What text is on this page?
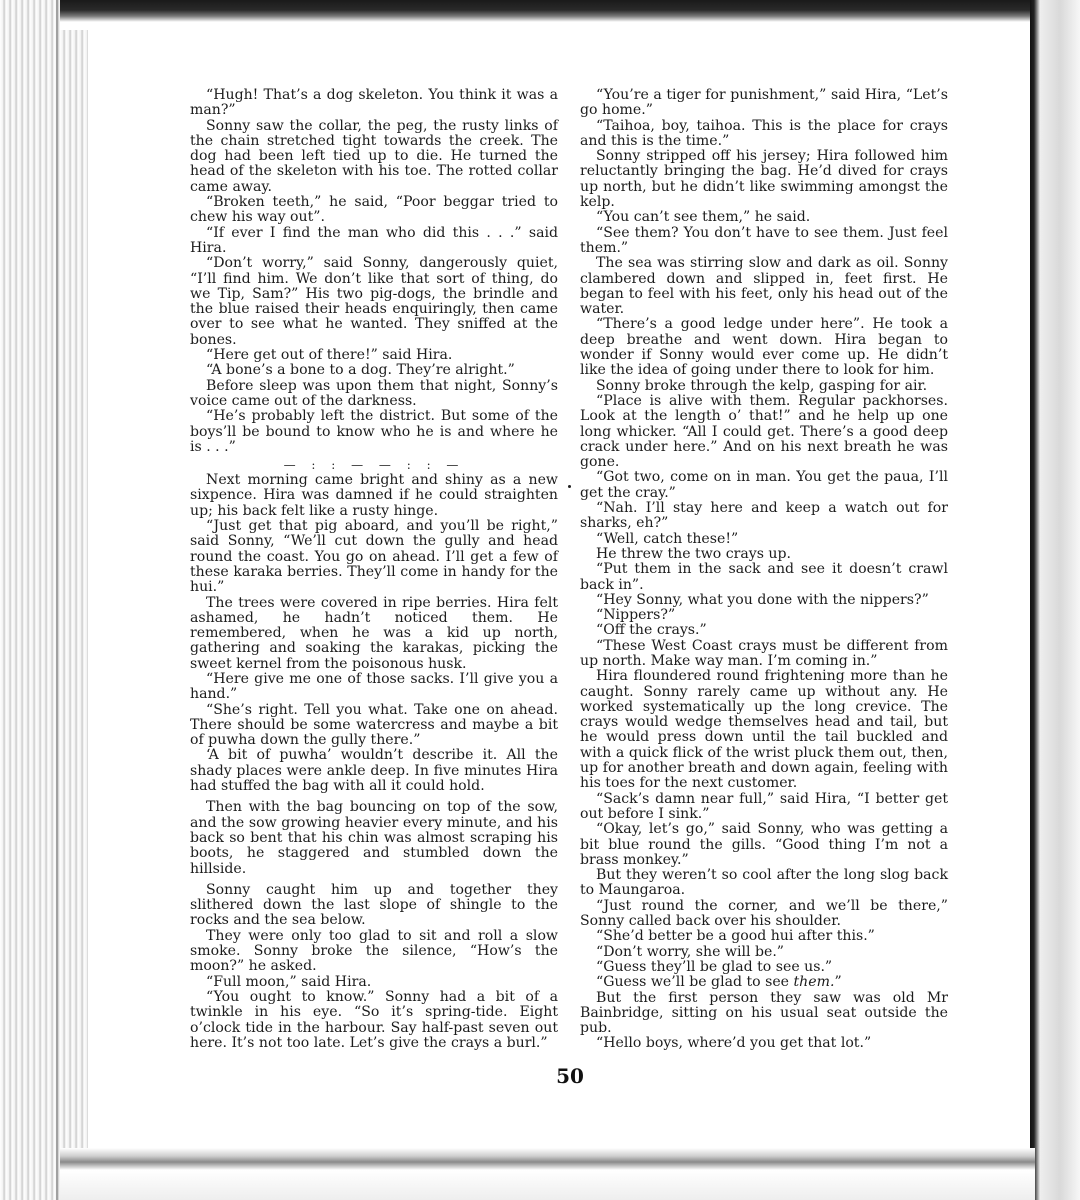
“Hugh! That’s a dog skeleton. You think it was a man?”

Sonny saw the collar, the peg, the rusty links of the chain stretched tight towards the creek. The dog had been left tied up to die. He turned the head of the skeleton with his toe. The rotted collar came away.

“Broken teeth,” he said, “Poor beggar tried to chew his way out”.

“If ever I find the man who did this . . .” said Hira.

“Don’t worry,” said Sonny, dangerously quiet, “I’ll find him. We don’t like that sort of thing, do we Tip, Sam?” His two pig-dogs, the brindle and the blue raised their heads enquiringly, then came over to see what he wanted. They sniffed at the bones.

“Here get out of there!” said Hira.

“A bone’s a bone to a dog. They’re alright.”

Before sleep was upon them that night, Sonny’s voice came out of the darkness.

“He’s probably left the district. But some of the boys’ll be bound to know who he is and where he is . . .”

— : : — — : : —

Next morning came bright and shiny as a new sixpence. Hira was damned if he could straighten up; his back felt like a rusty hinge.

“Just get that pig aboard, and you’ll be right,” said Sonny, “We’ll cut down the gully and head round the coast. You go on ahead. I’ll get a few of these karaka berries. They’ll come in handy for the hui.”

The trees were covered in ripe berries. Hira felt ashamed, he hadn’t noticed them. He remembered, when he was a kid up north, gathering and soaking the karakas, picking the sweet kernel from the poisonous husk.

“Here give me one of those sacks. I’ll give you a hand.”

“She’s right. Tell you what. Take one on ahead. There should be some watercress and maybe a bit of puwha down the gully there.”

‘A bit of puwha’ wouldn’t describe it. All the shady places were ankle deep. In five minutes Hira had stuffed the bag with all it could hold.

Then with the bag bouncing on top of the sow, and the sow growing heavier every minute, and his back so bent that his chin was almost scraping his boots, he staggered and stumbled down the hillside.

Sonny caught him up and together they slithered down the last slope of shingle to the rocks and the sea below.

They were only too glad to sit and roll a slow smoke. Sonny broke the silence, “How’s the moon?” he asked.

“Full moon,” said Hira.

“You ought to know.” Sonny had a bit of a twinkle in his eye. “So it’s spring-tide. Eight o’clock tide in the harbour. Say half-past seven out here. It’s not too late. Let’s give the crays a burl.”

“You’re a tiger for punishment,” said Hira, “Let’s go home.”

“Taihoa, boy, taihoa. This is the place for crays and this is the time.”

Sonny stripped off his jersey; Hira followed him reluctantly bringing the bag. He’d dived for crays up north, but he didn’t like swimming amongst the kelp.

“You can’t see them,” he said.

“See them? You don’t have to see them. Just feel them.”

The sea was stirring slow and dark as oil. Sonny clambered down and slipped in, feet first. He began to feel with his feet, only his head out of the water.

“There’s a good ledge under here”. He took a deep breathe and went down. Hira began to wonder if Sonny would ever come up. He didn’t like the idea of going under there to look for him.

Sonny broke through the kelp, gasping for air.

“Place is alive with them. Regular packhorses. Look at the length o’ that!” and he help up one long whicker. “All I could get. There’s a good deep crack under here.” And on his next breath he was gone.

“Got two, come on in man. You get the paua, I’ll get the cray.”

“Nah. I’ll stay here and keep a watch out for sharks, eh?”

“Well, catch these!”

He threw the two crays up.

“Put them in the sack and see it doesn’t crawl back in”.

“Hey Sonny, what you done with the nippers?”

“Nippers?”

“Off the crays.”

“These West Coast crays must be different from up north. Make way man. I’m coming in.”

Hira floundered round frightening more than he caught. Sonny rarely came up without any. He worked systematically up the long crevice. The crays would wedge themselves head and tail, but he would press down until the tail buckled and with a quick flick of the wrist pluck them out, then, up for another breath and down again, feeling with his toes for the next customer.

“Sack’s damn near full,” said Hira, “I better get out before I sink.”

“Okay, let’s go,” said Sonny, who was getting a bit blue round the gills. “Good thing I’m not a brass monkey.”

But they weren’t so cool after the long slog back to Maungaroa.

“Just round the corner, and we’ll be there,” Sonny called back over his shoulder.

“She’d better be a good hui after this.”

“Don’t worry, she will be.”

“Guess they’ll be glad to see us.”

“Guess we’ll be glad to see them.”

But the first person they saw was old Mr Bainbridge, sitting on his usual seat outside the pub.

“Hello boys, where’d you get that lot.”

50
